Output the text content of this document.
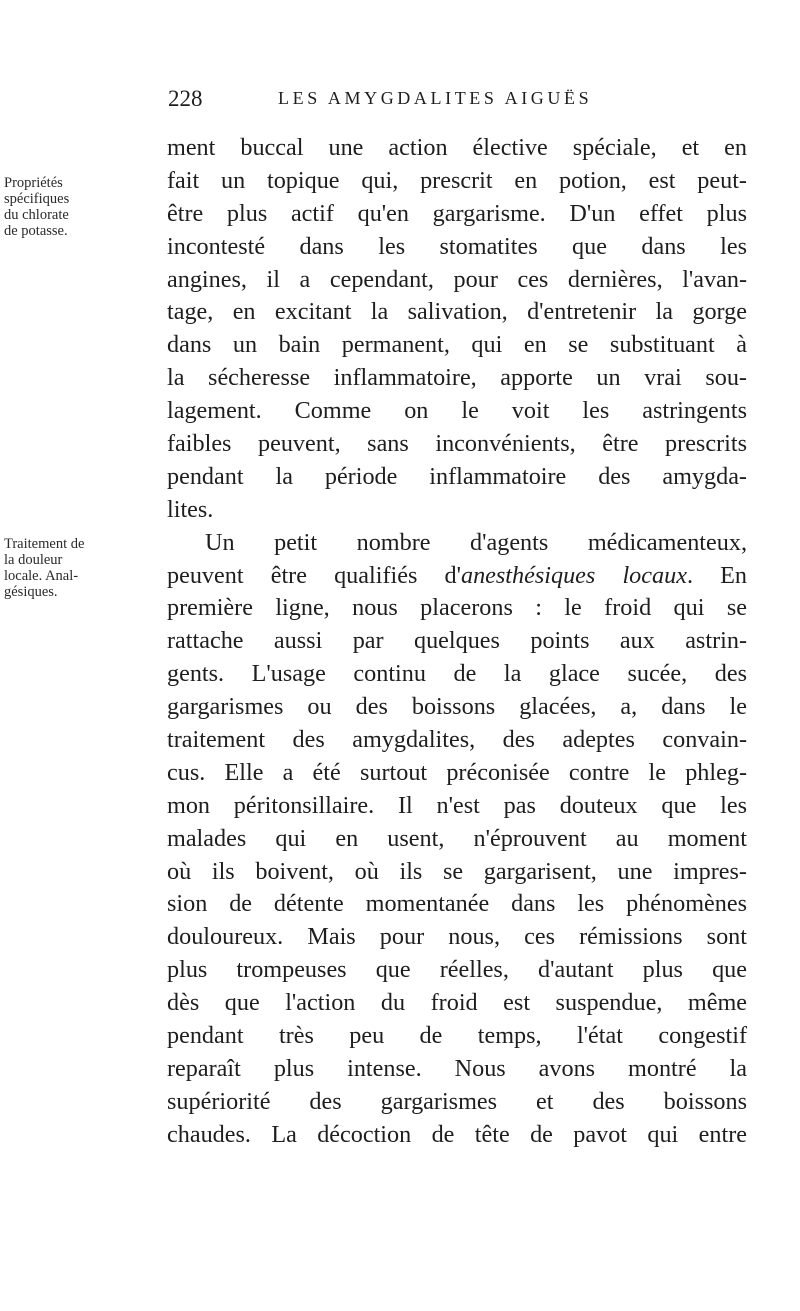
228	LES AMYGDALITES AIGUËS
Propriétés
spécifiques
du chlorate
de potasse.
Traitement de
la douleur
locale. Anal-
gésiques.
ment buccal une action élective spéciale, et en
fait un topique qui, prescrit en potion, est peut-
être plus actif qu'en gargarisme. D'un effet plus
incontesté dans les stomatites que dans les
angines, il a cependant, pour ces dernières, l'avan-
tage, en excitant la salivation, d'entretenir la gorge
dans un bain permanent, qui en se substituant à
la sécheresse inflammatoire, apporte un vrai sou-
lagement. Comme on le voit les astringents
faibles peuvent, sans inconvénients, être prescrits
pendant la période inflammatoire des amygda-
lites.
Un petit nombre d'agents médicamenteux,
peuvent être qualifiés d'anesthésiques locaux. En
première ligne, nous placerons : le froid qui se
rattache aussi par quelques points aux astrin-
gents. L'usage continu de la glace sucée, des
gargarismes ou des boissons glacées, a, dans le
traitement des amygdalites, des adeptes convain-
cus. Elle a été surtout préconisée contre le phleg-
mon péritonsillaire. Il n'est pas douteux que les
malades qui en usent, n'éprouvent au moment
où ils boivent, où ils se gargarisent, une impres-
sion de détente momentanée dans les phénomènes
douloureux. Mais pour nous, ces rémissions sont
plus trompeuses que réelles, d'autant plus que
dès que l'action du froid est suspendue, même
pendant très peu de temps, l'état congestif
reparaît plus intense. Nous avons montré la
supériorité des gargarismes et des boissons
chaudes. La décoction de tête de pavot qui entre
